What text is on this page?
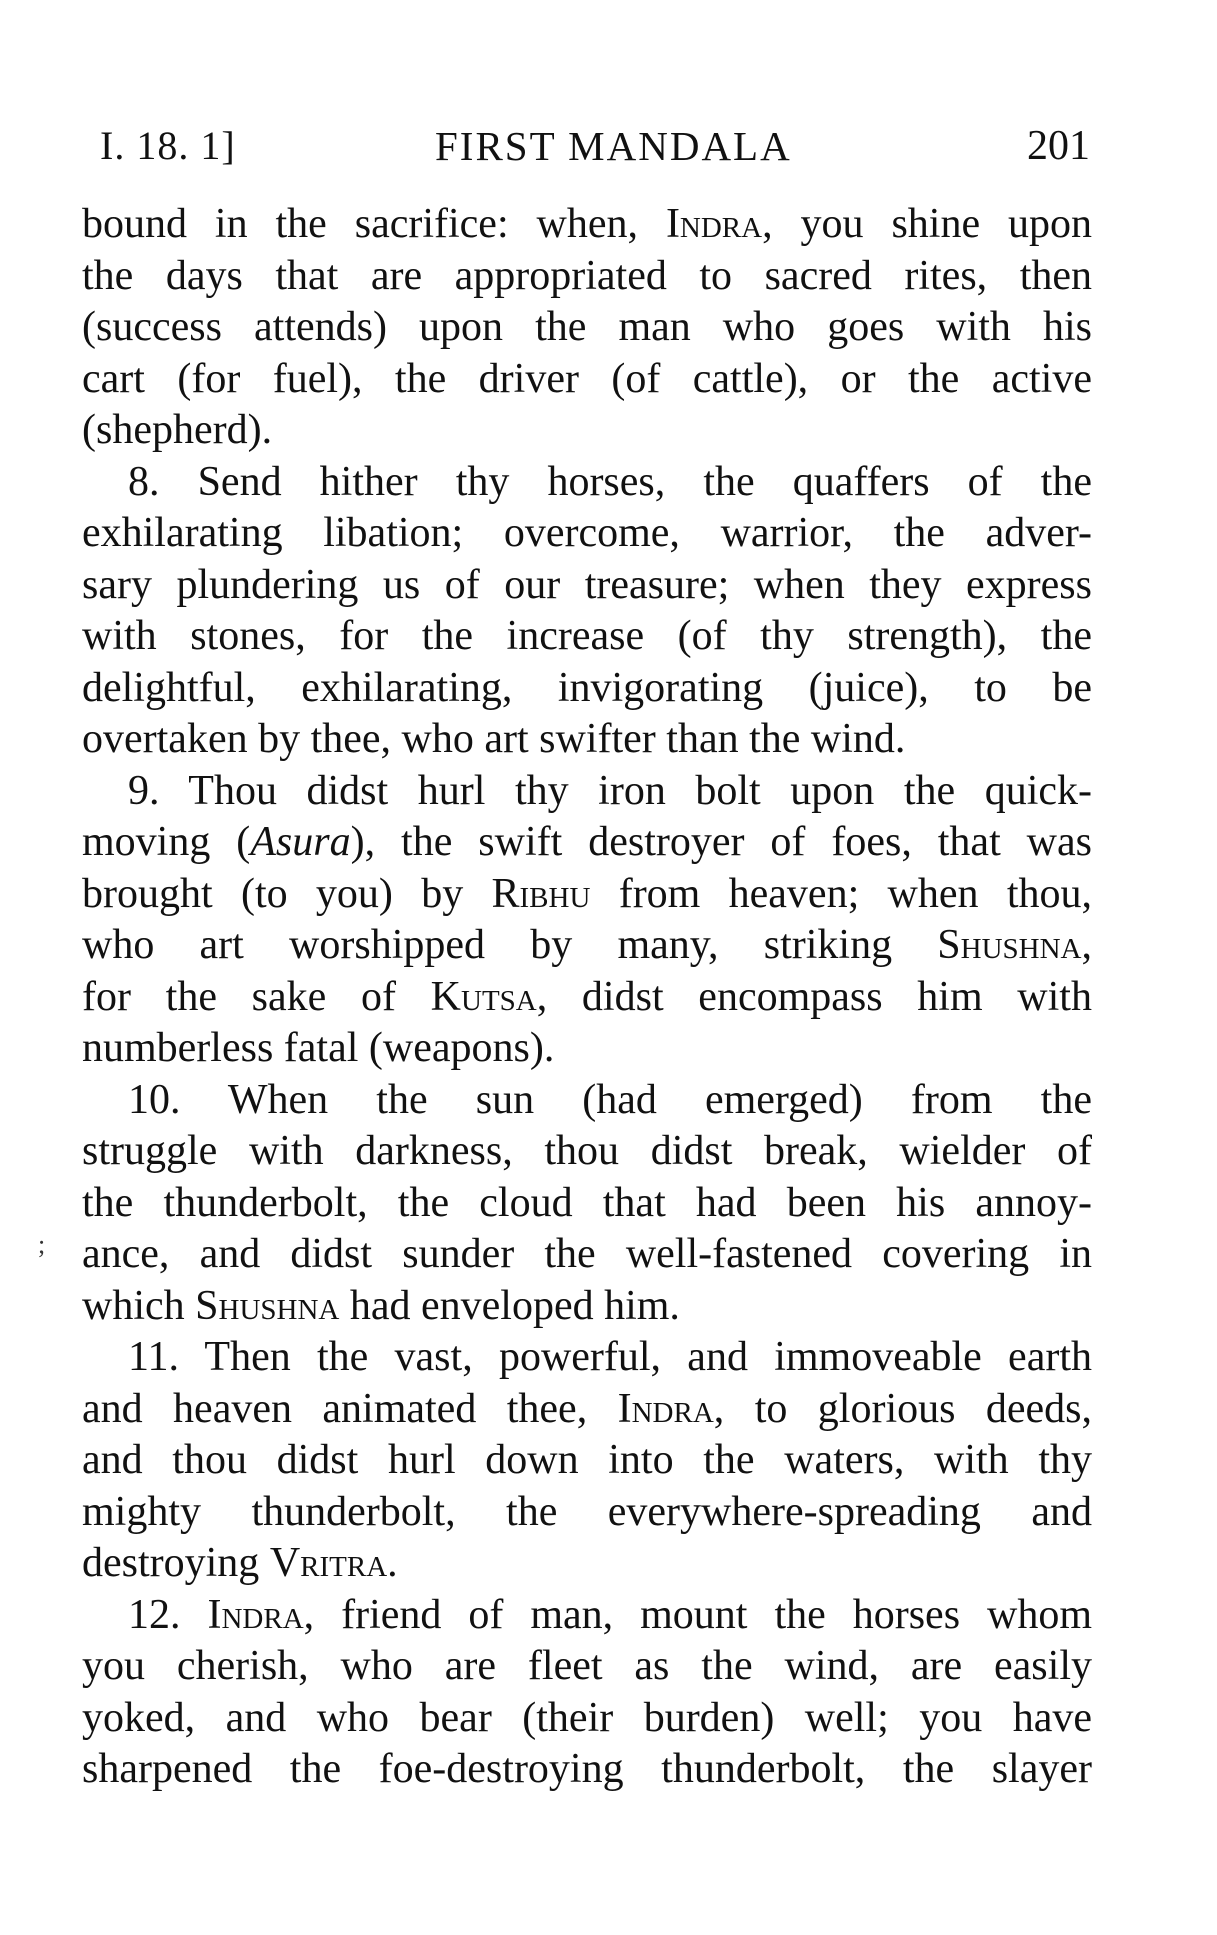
I. 18. 1]	FIRST MANDALA	201
;
bound in the sacrifice: when, Indra, you shine upon
the days that are appropriated to sacred rites, then
(success attends) upon the man who goes with his
cart (for fuel), the driver (of cattle), or the active
(shepherd).
8. Send hither thy horses, the quaffers of the
exhilarating libation; overcome, warrior, the adver-
sary plundering us of our treasure; when they express
with stones, for the increase (of thy strength), the
delightful, exhilarating, invigorating (juice), to be
overtaken by thee, who art swifter than the wind.
9. Thou didst hurl thy iron bolt upon the quick-
moving (Asura), the swift destroyer of foes, that was
brought (to you) by Ribhu from heaven; when thou,
who art worshipped by many, striking Shushna,
for the sake of Kutsa, didst encompass him with
numberless fatal (weapons).
10. When the sun (had emerged) from the
struggle with darkness, thou didst break, wielder of
the thunderbolt, the cloud that had been his annoy-
ance, and didst sunder the well-fastened covering in
which Shushna had enveloped him.
11. Then the vast, powerful, and immoveable earth
and heaven animated thee, Indra, to glorious deeds,
and thou didst hurl down into the waters, with thy
mighty thunderbolt, the everywhere-spreading and
destroying Vritra.
12. Indra, friend of man, mount the horses whom
you cherish, who are fleet as the wind, are easily
yoked, and who bear (their burden) well; you have
sharpened the foe-destroying thunderbolt, the slayer
